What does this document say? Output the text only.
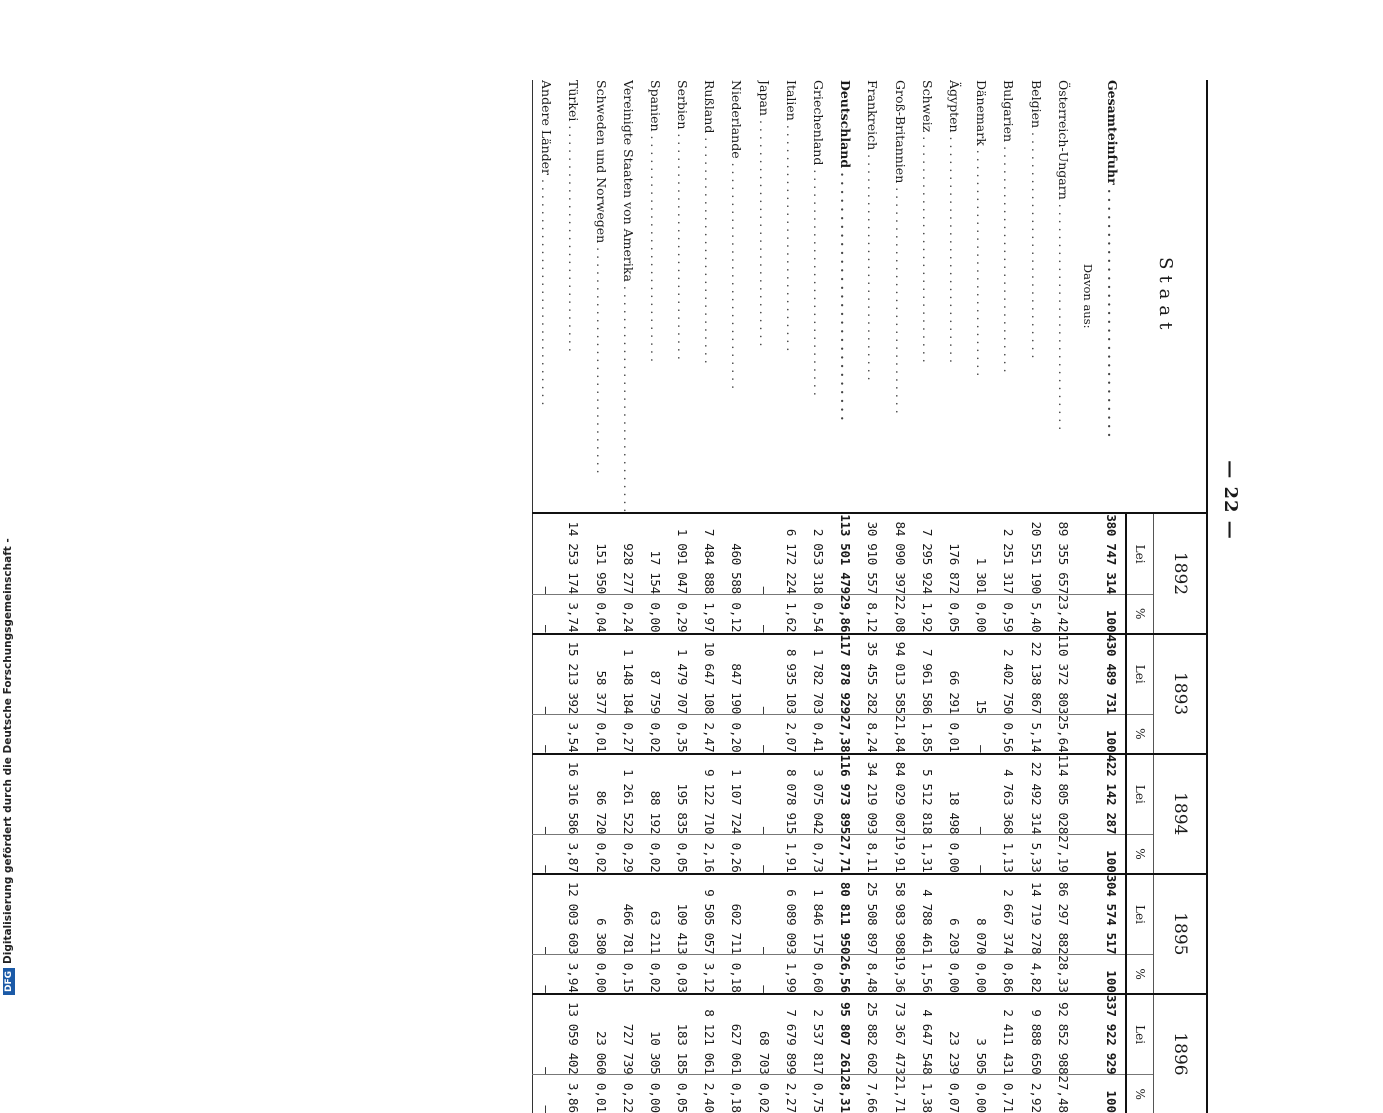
— 22 —
Staat	1892		1893		1894		1895		1896	
	Lei	%	Lei	%	Lei	%	Lei	%	Lei	%
Gesamteinfuhr . . . . . . . . . . . . . . . . . . . . . . . . . . . . .	380 747 314	100	430 489 731	100	422 142 287	100	304 574 517	100	337 922 929	100
Davon aus:										
Österreich-Ungarn . . . . . . . . . . . . . . . . . . . . . . . . . . . . .	89 355 657	23,42	110 372 803	25,64	114 805 028	27,19	86 297 882	28,33	92 852 988	27,48
Belgien . . . . . . . . . . . . . . . . . . . . . . . . . . . . .	20 551 190	5,40	22 138 867	5,14	22 492 314	5,33	14 719 278	4,82	9 888 650	2,92
Bulgarien . . . . . . . . . . . . . . . . . . . . . . . . . . . . .	2 251 317	0,59	2 402 750	0,56	4 763 368	1,13	2 667 374	0,86	2 411 431	0,71
Dänemark . . . . . . . . . . . . . . . . . . . . . . . . . . . . .	1 301	0,00	15	—	—	—	8 070	0,00	3 505	0,00
Ägypten . . . . . . . . . . . . . . . . . . . . . . . . . . . . .	176 872	0,05	66 291	0,01	18 498	0,00	6 203	0,00	23 239	0,07
Schweiz . . . . . . . . . . . . . . . . . . . . . . . . . . . . .	7 295 924	1,92	7 961 586	1,85	5 512 818	1,31	4 788 461	1,56	4 647 548	1,38
Groß-Britannien . . . . . . . . . . . . . . . . . . . . . . . . . . . . .	84 090 397	22,08	94 013 585	21,84	84 029 087	19,91	58 983 988	19,36	73 367 473	21,71
Frankreich . . . . . . . . . . . . . . . . . . . . . . . . . . . . .	30 910 557	8,12	35 455 282	8,24	34 219 093	8,11	25 508 897	8,48	25 882 602	7,66
Deutschland . . . . . . . . . . . . . . . . . . . . . . . . . . . . .	113 501 479	29,86	117 878 929	27,38	116 973 895	27,71	80 811 950	26,56	95 807 261	28,31
Griechenland . . . . . . . . . . . . . . . . . . . . . . . . . . . . .	2 053 318	0,54	1 782 703	0,41	3 075 042	0,73	1 846 175	0,60	2 537 817	0,75
Italien . . . . . . . . . . . . . . . . . . . . . . . . . . . . .	6 172 224	1,62	8 935 103	2,07	8 078 915	1,91	6 089 093	1,99	7 679 899	2,27
Japan . . . . . . . . . . . . . . . . . . . . . . . . . . . . .	—	—	—	—	—	—	—	—	68 703	0,02
Niederlande . . . . . . . . . . . . . . . . . . . . . . . . . . . . .	460 588	0,12	847 190	0,20	1 107 724	0,26	602 711	0,18	627 061	0,18
Rußland . . . . . . . . . . . . . . . . . . . . . . . . . . . . .	7 484 888	1,97	10 647 108	2,47	9 122 710	2,16	9 505 057	3,12	8 121 061	2,40
Serbien . . . . . . . . . . . . . . . . . . . . . . . . . . . . .	1 091 047	0,29	1 479 707	0,35	195 835	0,05	109 413	0,03	183 185	0,05
Spanien . . . . . . . . . . . . . . . . . . . . . . . . . . . . .	17 154	0,00	87 759	0,02	88 192	0,02	63 211	0,02	10 305	0,00
Vereinigte Staaten von Amerika . . . . . . . . . . . . . . . . . . . . . . . . . . . . .	928 277	0,24	1 148 184	0,27	1 261 522	0,29	466 781	0,15	727 739	0,22
Schweden und Norwegen . . . . . . . . . . . . . . . . . . . . . . . . . . . . .	151 950	0,04	58 377	0,01	86 720	0,02	6 380	0,00	23 060	0,01
Türkei . . . . . . . . . . . . . . . . . . . . . . . . . . . . .	14 253 174	3,74	15 213 392	3,54	16 316 586	3,87	12 003 603	3,94	13 059 402	3,86
Andere Länder . . . . . . . . . . . . . . . . . . . . . . . . . . . . .	—	—	—	—	—	—	—	—	—	—
DFGDigitalisierung gefördert durch die Deutsche Forschungsgemeinschaft -
